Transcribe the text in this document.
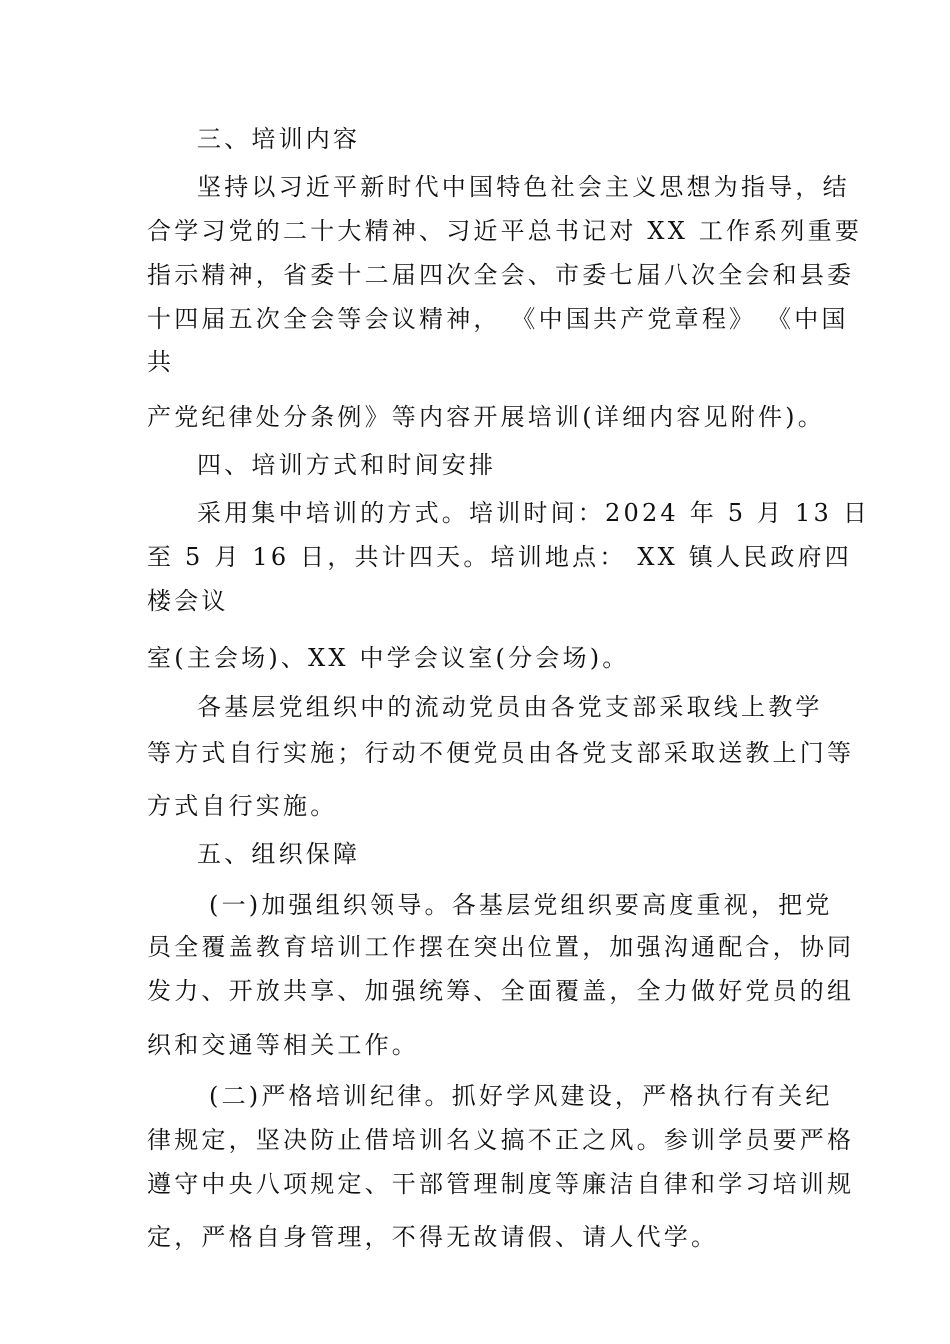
三、培训内容

坚持以习近平新时代中国特色社会主义思想为指导，结

合学习党的二十大精神、习近平总书记对 XX 工作系列重要

指示精神，省委十二届四次全会、市委七届八次全会和县委

十四届五次全会等会议精神， 《中国共产党章程》 《中国

共

产党纪律处分条例》等内容开展培训(详细内容见附件)。

四、培训方式和时间安排

采用集中培训的方式。培训时间：2024 年 5 月 13 日

至 5 月 16 日，共计四天。培训地点： XX 镇人民政府四

楼会议

室(主会场)、XX 中学会议室(分会场)。

各基层党组织中的流动党员由各党支部采取线上教学

等方式自行实施；行动不便党员由各党支部采取送教上门等

方式自行实施。

五、组织保障

(一)加强组织领导。各基层党组织要高度重视，把党

员全覆盖教育培训工作摆在突出位置，加强沟通配合，协同

发力、开放共享、加强统筹、全面覆盖，全力做好党员的组

织和交通等相关工作。

(二)严格培训纪律。抓好学风建设，严格执行有关纪

律规定，坚决防止借培训名义搞不正之风。参训学员要严格

遵守中央八项规定、干部管理制度等廉洁自律和学习培训规

定，严格自身管理，不得无故请假、请人代学。
